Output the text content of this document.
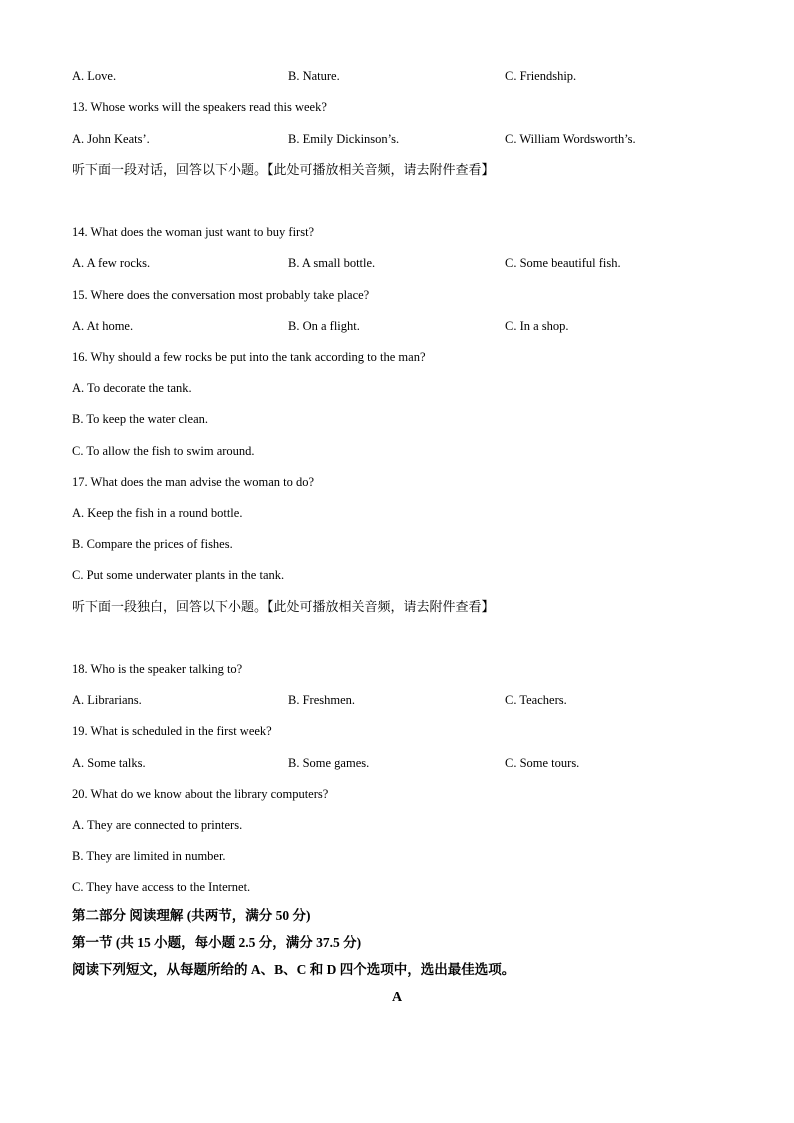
A. Love.	B. Nature.	C. Friendship.
13. Whose works will the speakers read this week?
A. John Keats’.	B. Emily Dickinson’s.	C. William Wordsworth’s.
听下面一段对话，回答以下小题。【此处可播放相关音频，请去附件查看】
14. What does the woman just want to buy first?
A. A few rocks.	B. A small bottle.	C. Some beautiful fish.
15. Where does the conversation most probably take place?
A. At home.	B. On a flight.	C. In a shop.
16. Why should a few rocks be put into the tank according to the man?
A. To decorate the tank.
B. To keep the water clean.
C. To allow the fish to swim around.
17. What does the man advise the woman to do?
A. Keep the fish in a round bottle.
B. Compare the prices of fishes.
C. Put some underwater plants in the tank.
听下面一段独白，回答以下小题。【此处可播放相关音频，请去附件查看】
18. Who is the speaker talking to?
A. Librarians.	B. Freshmen.	C. Teachers.
19. What is scheduled in the first week?
A. Some talks.	B. Some games.	C. Some tours.
20. What do we know about the library computers?
A. They are connected to printers.
B. They are limited in number.
C. They have access to the Internet.
第二部分 阅读理解 (共两节，满分 50 分)
第一节 (共 15 小题，每小题 2.5 分，满分 37.5 分)
阅读下列短文，从每题所给的 A、B、C 和 D 四个选项中，选出最佳选项。
A
